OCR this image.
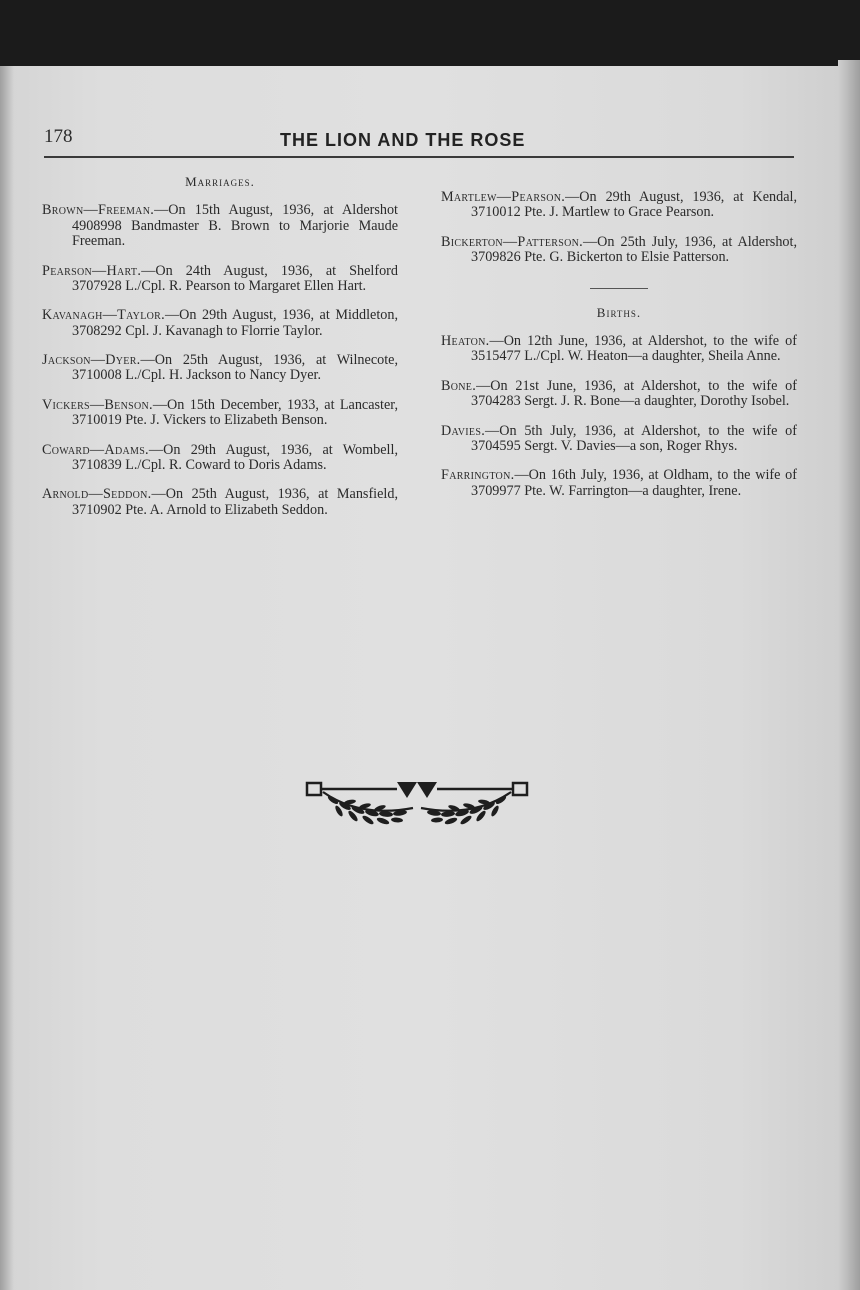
178	THE LION AND THE ROSE
Marriages.

Brown—Freeman.—On 15th August, 1936, at Aldershot 4908998 Bandmaster B. Brown to Marjorie Maude Freeman.

Pearson—Hart.—On 24th August, 1936, at Shelford 3707928 L./Cpl. R. Pearson to Margaret Ellen Hart.

Kavanagh—Taylor.—On 29th August, 1936, at Middleton, 3708292 Cpl. J. Kavanagh to Florrie Taylor.

Jackson—Dyer.—On 25th August, 1936, at Wilnecote, 3710008 L./Cpl. H. Jackson to Nancy Dyer.

Vickers—Benson.—On 15th December, 1933, at Lancaster, 3710019 Pte. J. Vickers to Elizabeth Benson.

Coward—Adams.—On 29th August, 1936, at Wombell, 3710839 L./Cpl. R. Coward to Doris Adams.

Arnold—Seddon.—On 25th August, 1936, at Mansfield, 3710902 Pte. A. Arnold to Elizabeth Seddon.

Martlew—Pearson.—On 29th August, 1936, at Kendal, 3710012 Pte. J. Martlew to Grace Pearson.

Bickerton—Patterson.—On 25th July, 1936, at Aldershot, 3709826 Pte. G. Bickerton to Elsie Patterson.

Births.

Heaton.—On 12th June, 1936, at Aldershot, to the wife of 3515477 L./Cpl. W. Heaton—a daughter, Sheila Anne.

Bone.—On 21st June, 1936, at Aldershot, to the wife of 3704283 Sergt. J. R. Bone—a daughter, Dorothy Isobel.

Davies.—On 5th July, 1936, at Aldershot, to the wife of 3704595 Sergt. V. Davies—a son, Roger Rhys.

Farrington.—On 16th July, 1936, at Oldham, to the wife of 3709977 Pte. W. Farrington—a daughter, Irene.
